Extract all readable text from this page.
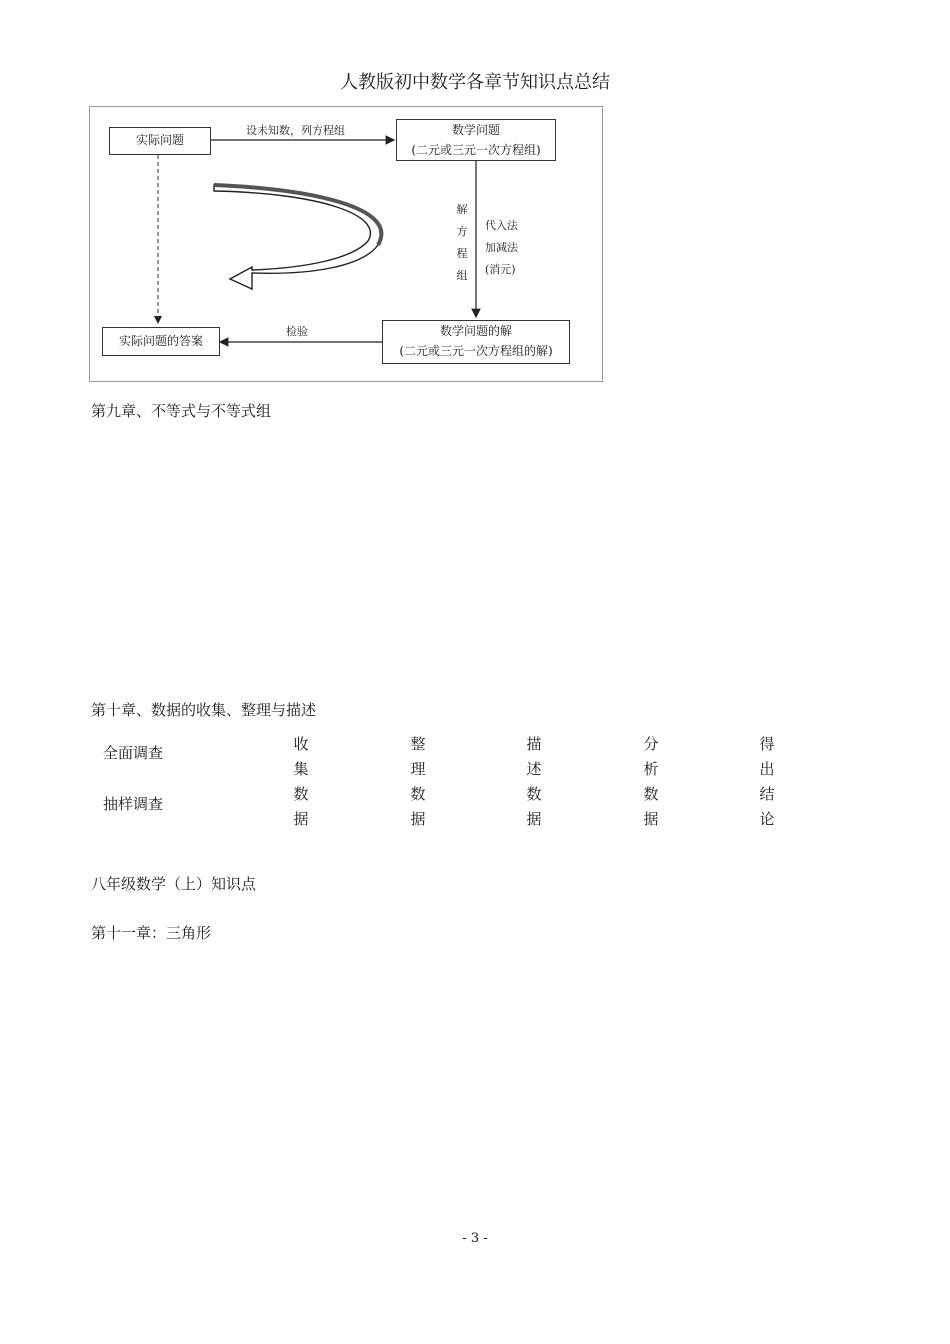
人教版初中数学各章节知识点总结
实际问题
数学问题
(二元或三元一次方程组)
数学问题的解
(二元或三元一次方程组的解)
实际问题的答案
设未知数，列方程组
解
方
程
组
代入法
加减法
(消元)
检验
第九章、不等式与不等式组
第十章、数据的收集、整理与描述
全面调查
抽样调查
收
集
数
据
整
理
数
据
描
述
数
据
分
析
数
据
得
出
结
论
八年级数学（上）知识点
第十一章：三角形
- 3 -
